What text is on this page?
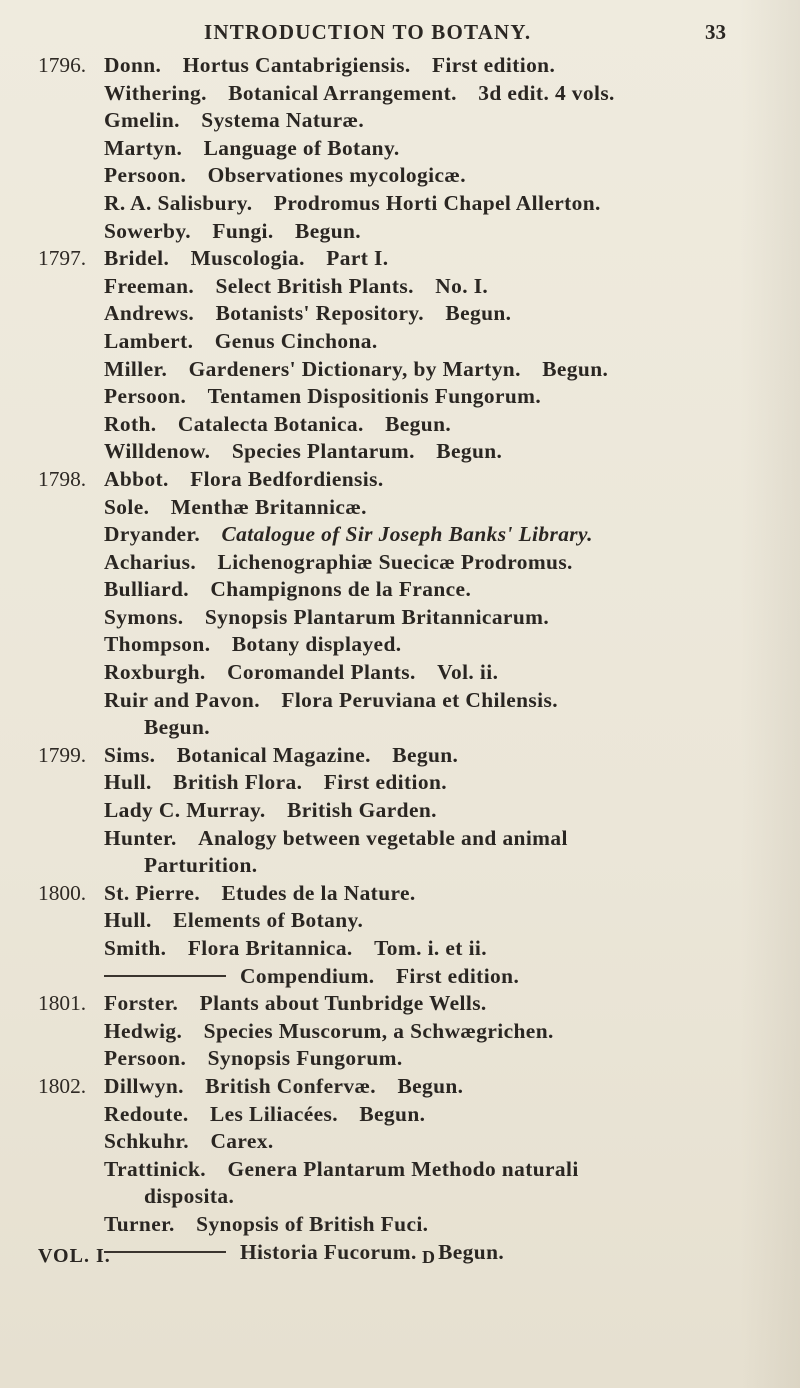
INTRODUCTION TO BOTANY.	33
1796. Donn.  Hortus Cantabrigiensis.  First edition.
Withering.  Botanical Arrangement.  3d edit. 4 vols.
Gmelin.  Systema Naturæ.
Martyn.  Language of Botany.
Persoon.  Observationes mycologicæ.
R. A. Salisbury.  Prodromus Horti Chapel Allerton.
Sowerby.  Fungi.  Begun.
1797. Bridel.  Muscologia.  Part I.
Freeman.  Select British Plants.  No. I.
Andrews.  Botanists' Repository.  Begun.
Lambert.  Genus Cinchona.
Miller.  Gardeners' Dictionary, by Martyn.  Begun.
Persoon.  Tentamen Dispositionis Fungorum.
Roth.  Catalecta Botanica.  Begun.
Willdenow.  Species Plantarum.  Begun.
1798. Abbot.  Flora Bedfordiensis.
Sole.  Menthæ Britannicæ.
Dryander.  Catalogue of Sir Joseph Banks' Library.
Acharius.  Lichenographiæ Suecicæ Prodromus.
Bulliard.  Champignons de la France.
Symons.  Synopsis Plantarum Britannicarum.
Thompson.  Botany displayed.
Roxburgh.  Coromandel Plants.  Vol. ii.
Ruir and Pavon.  Flora Peruviana et Chilensis.
Begun.
1799. Sims.  Botanical Magazine.  Begun.
Hull.  British Flora.  First edition.
Lady C. Murray.  British Garden.
Hunter.  Analogy between vegetable and animal
Parturition.
1800. St. Pierre.  Etudes de la Nature.
Hull.  Elements of Botany.
Smith.  Flora Britannica.  Tom. i. et ii.
Compendium.  First edition.
1801. Forster.  Plants about Tunbridge Wells.
Hedwig.  Species Muscorum, a Schwægrichen.
Persoon.  Synopsis Fungorum.
1802. Dillwyn.  British Confervæ.  Begun.
Redoute.  Les Liliacées.  Begun.
Schkuhr.  Carex.
Trattinick.  Genera Plantarum Methodo naturali
disposita.
Turner.  Synopsis of British Fuci.
Historia Fucorum.  Begun.
VOL. I.	D
